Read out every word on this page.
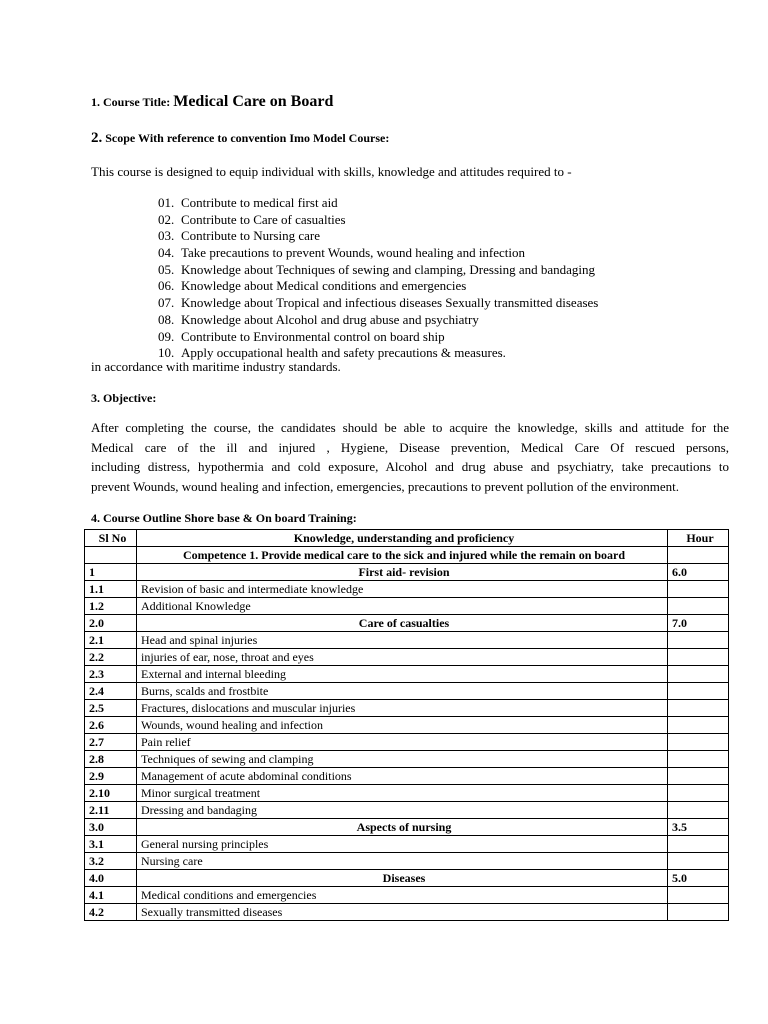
1. Course Title: Medical Care on Board
2. Scope With reference to convention Imo Model Course:
This course is designed to equip individual with skills, knowledge and attitudes required to -
01. Contribute to medical first aid
02. Contribute to Care of casualties
03. Contribute to Nursing care
04. Take precautions to prevent Wounds, wound healing and infection
05. Knowledge about Techniques of sewing and clamping, Dressing and bandaging
06. Knowledge about Medical conditions and emergencies
07. Knowledge about Tropical and infectious diseases Sexually transmitted diseases
08. Knowledge about Alcohol and drug abuse and psychiatry
09. Contribute to Environmental control on board ship
10. Apply occupational health and safety precautions & measures.
in accordance with maritime industry standards.
3. Objective:
After completing the course, the candidates should be able to acquire the knowledge, skills and attitude for the
Medical care of the ill and injured , Hygiene, Disease prevention, Medical Care Of rescued persons,
including distress, hypothermia and cold exposure, Alcohol and drug abuse and psychiatry, take precautions to
prevent Wounds, wound healing and infection, emergencies, precautions to prevent pollution of the environment.
4. Course Outline Shore base & On board Training:
Sl No	Knowledge, understanding and proficiency	Hour
	Competence 1. Provide medical care to the sick and injured while the remain on board	
1	First aid- revision	6.0
1.1	Revision of basic and intermediate knowledge	
1.2	Additional Knowledge	
2.0	Care of casualties	7.0
2.1	Head and spinal injuries	
2.2	injuries of ear, nose, throat and eyes	
2.3	External and internal bleeding	
2.4	Burns, scalds and frostbite	
2.5	Fractures, dislocations and muscular injuries	
2.6	Wounds, wound healing and infection	
2.7	Pain relief	
2.8	Techniques of sewing and clamping	
2.9	Management of acute abdominal conditions	
2.10	Minor surgical treatment	
2.11	Dressing and bandaging	
3.0	Aspects of nursing	3.5
3.1	General nursing principles	
3.2	Nursing care	
4.0	Diseases	5.0
4.1	Medical conditions and emergencies	
4.2	Sexually transmitted diseases	
